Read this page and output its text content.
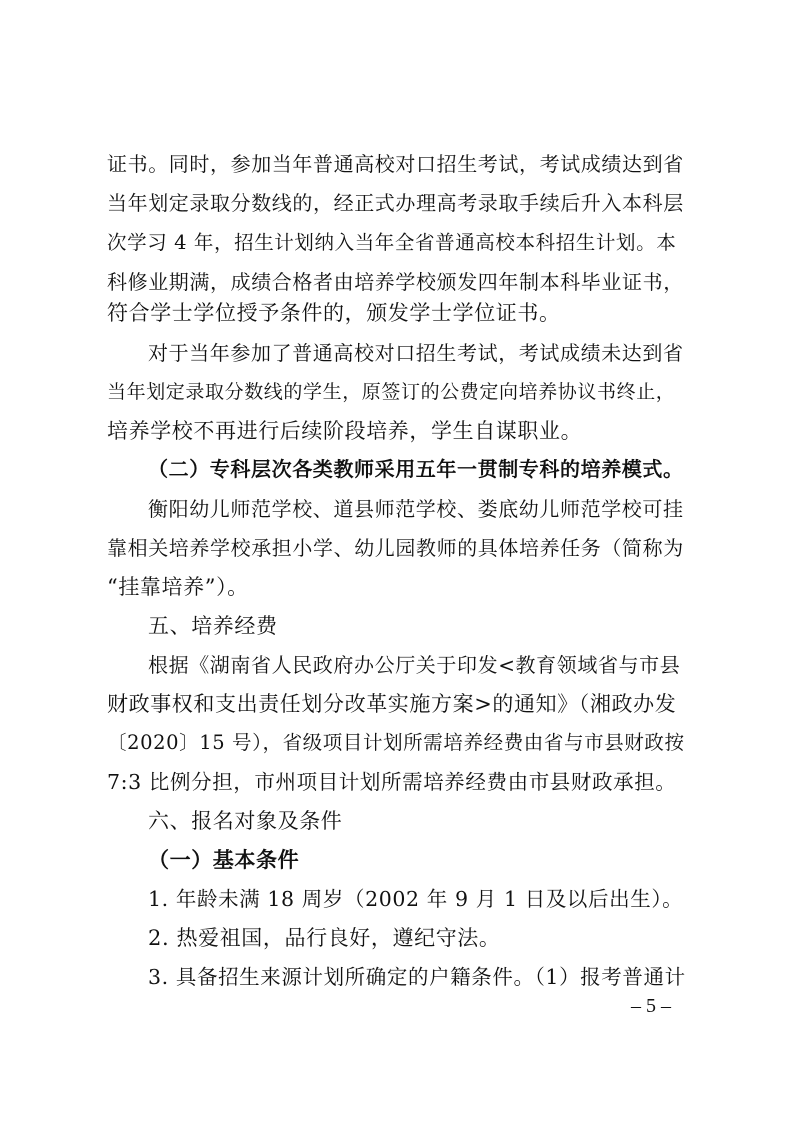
证书。同时，参加当年普通高校对口招生考试，考试成绩达到省
当年划定录取分数线的，经正式办理高考录取手续后升入本科层
次学习 4 年，招生计划纳入当年全省普通高校本科招生计划。本
科修业期满，成绩合格者由培养学校颁发四年制本科毕业证书，
符合学士学位授予条件的，颁发学士学位证书。
对于当年参加了普通高校对口招生考试，考试成绩未达到省
当年划定录取分数线的学生，原签订的公费定向培养协议书终止，
培养学校不再进行后续阶段培养，学生自谋职业。
（二）专科层次各类教师采用五年一贯制专科的培养模式。
衡阳幼儿师范学校、道县师范学校、娄底幼儿师范学校可挂
靠相关培养学校承担小学、幼儿园教师的具体培养任务（简称为
“挂靠培养”）。
五、培养经费
根据《湖南省人民政府办公厅关于印发<教育领域省与市县
财政事权和支出责任划分改革实施方案>的通知》（湘政办发
〔2020〕15 号），省级项目计划所需培养经费由省与市县财政按
7:3 比例分担，市州项目计划所需培养经费由市县财政承担。
六、报名对象及条件
（一）基本条件
1. 年龄未满 18 周岁（2002 年 9 月 1 日及以后出生）。
2. 热爱祖国，品行良好，遵纪守法。
3. 具备招生来源计划所确定的户籍条件。（1）报考普通计
– 5 –
